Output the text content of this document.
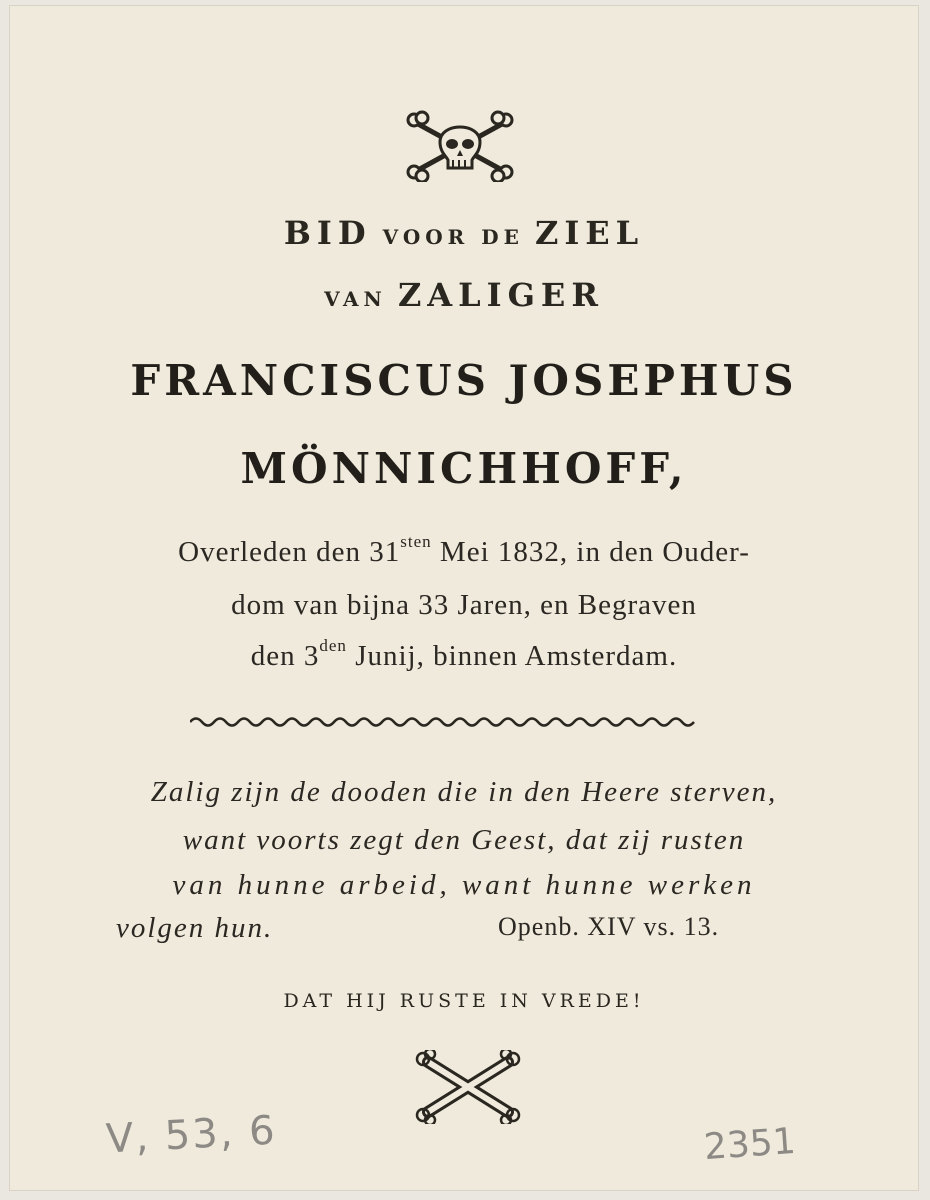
BID VOOR DE ZIEL
VAN ZALIGER
FRANCISCUS JOSEPHUS
MÖNNICHHOFF,
Overleden den $31^{sten}$ Mei 1832, in den Ouder-
dom van bijna 33 Jaren, en Begraven
den $3^{den}$ Junij, binnen Amsterdam.
Zalig zijn de dooden die in den Heere sterven,
want voorts zegt den Geest, dat zij rusten
van hunne arbeid, want hunne werken
volgen hun.	Openb. XIV vs. 13.
DAT HIJ RUSTE IN VREDE!
V, 53, 6	2351
